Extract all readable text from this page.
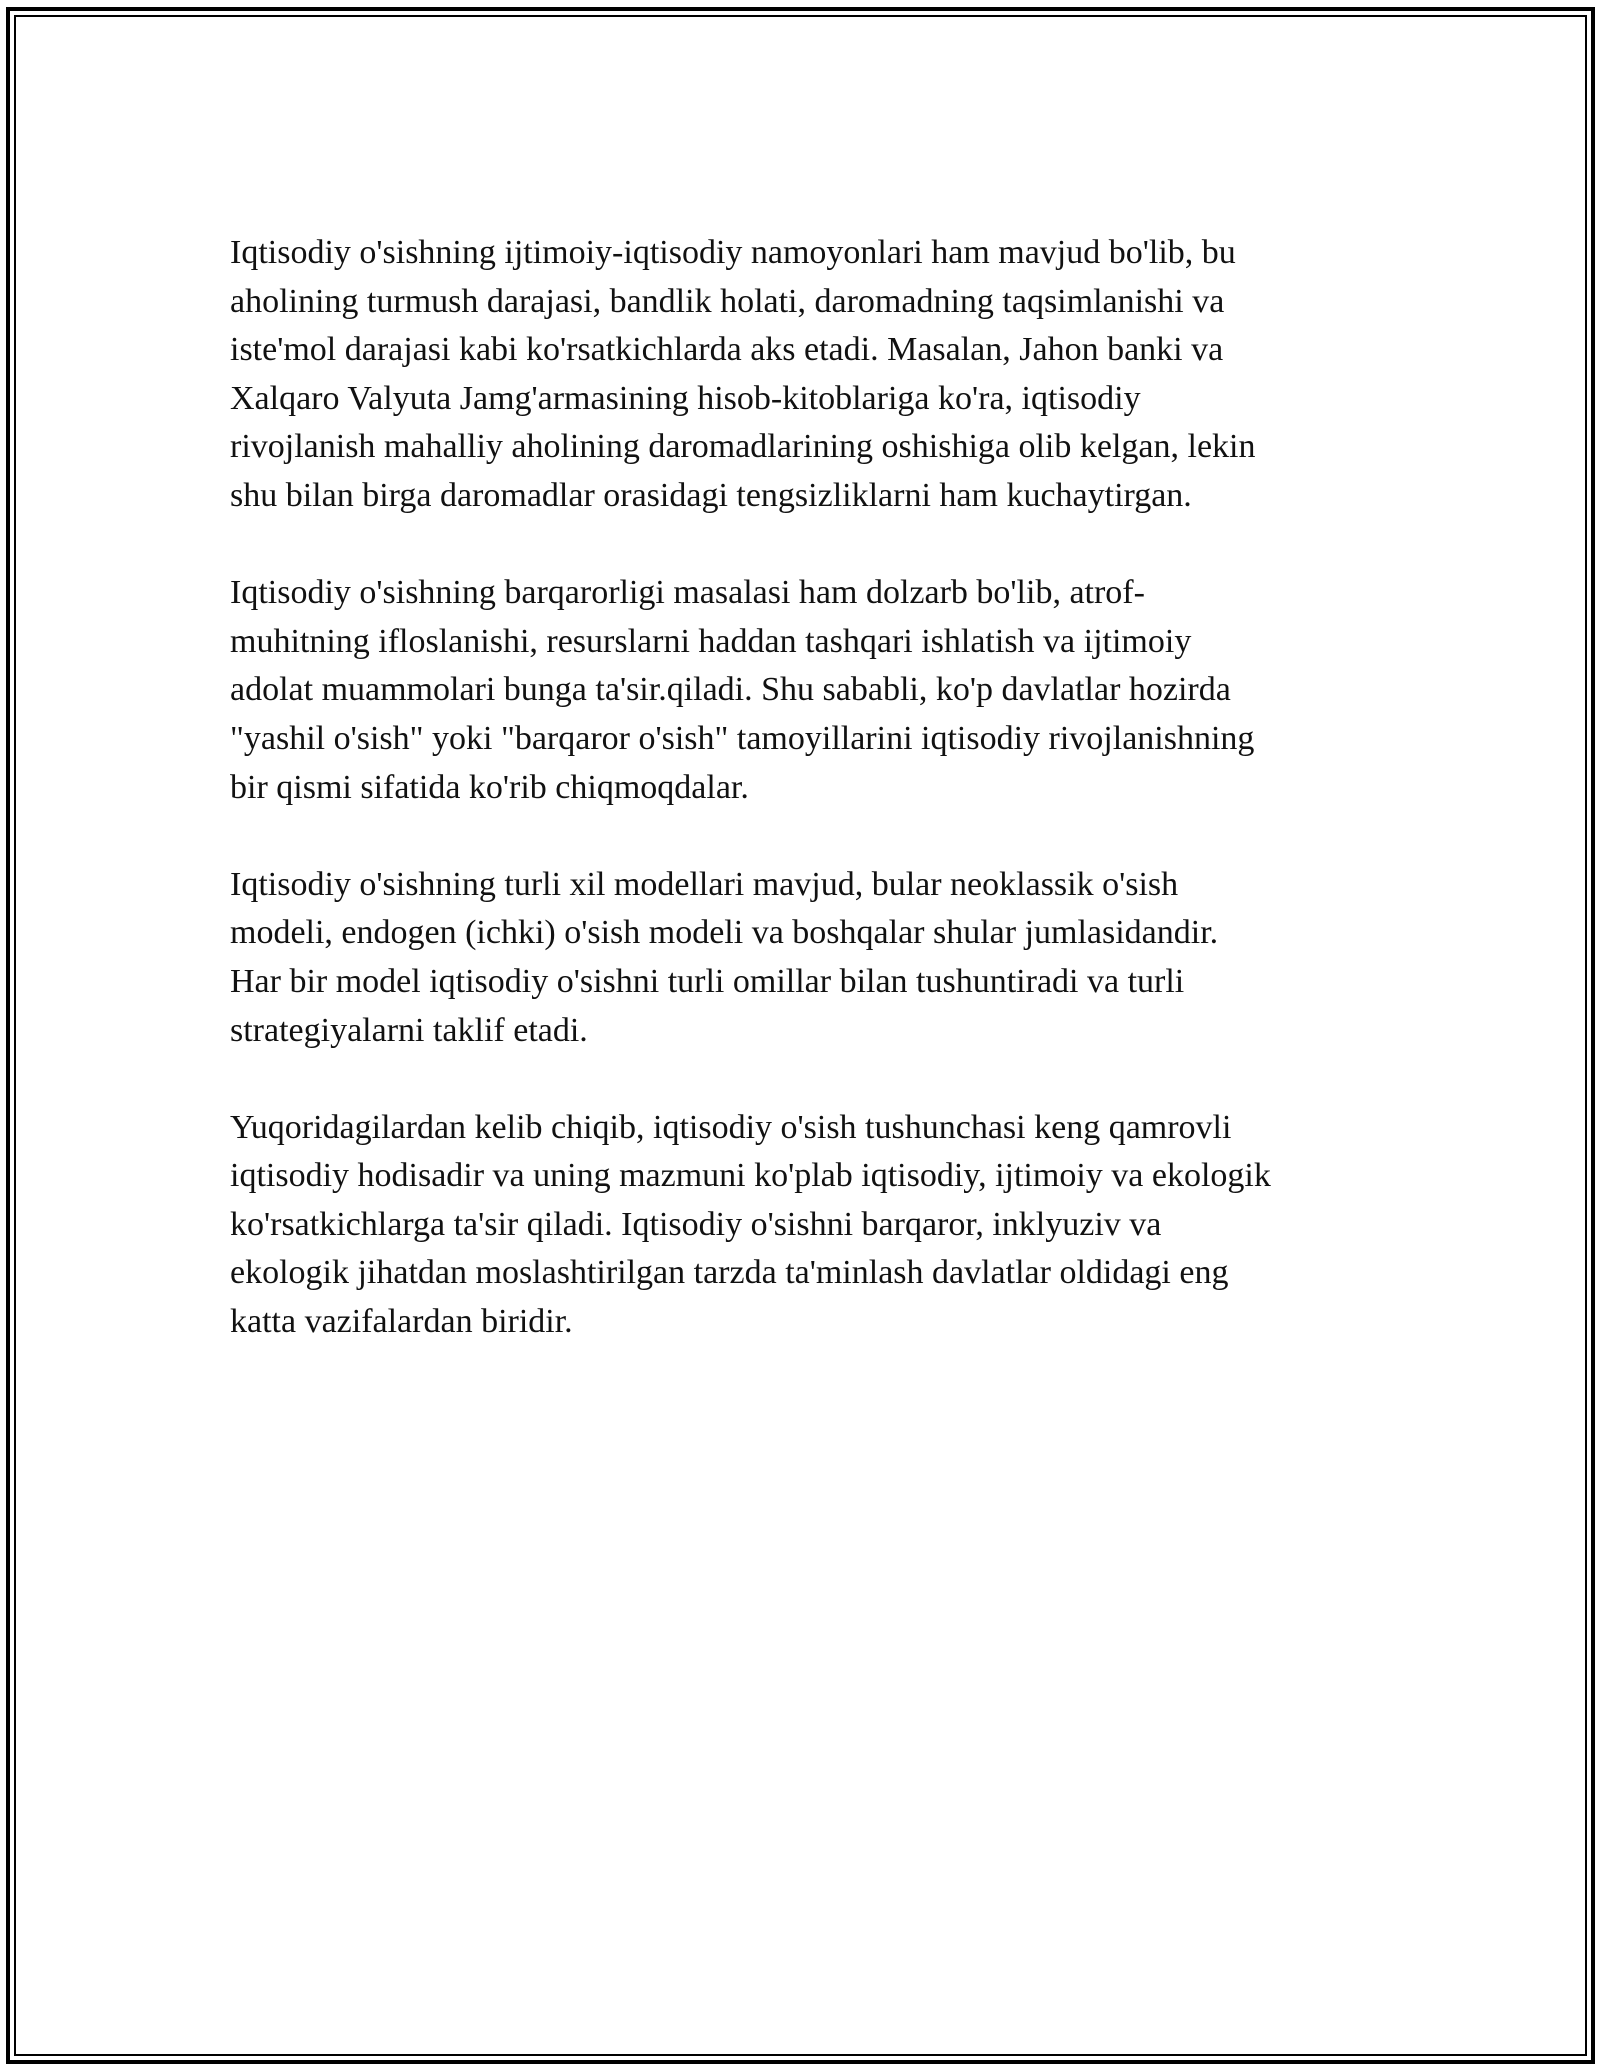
Iqtisodiy o'sishning ijtimoiy-iqtisodiy namoyonlari ham mavjud bo'lib, bu
aholining turmush darajasi, bandlik holati, daromadning taqsimlanishi va
iste'mol darajasi kabi ko'rsatkichlarda aks etadi. Masalan, Jahon banki va
Xalqaro Valyuta Jamg'armasining hisob-kitoblariga ko'ra, iqtisodiy
rivojlanish mahalliy aholining daromadlarining oshishiga olib kelgan, lekin
shu bilan birga daromadlar orasidagi tengsizliklarni ham kuchaytirgan.

Iqtisodiy o'sishning barqarorligi masalasi ham dolzarb bo'lib, atrof-
muhitning ifloslanishi, resurslarni haddan tashqari ishlatish va ijtimoiy
adolat muammolari bunga ta'sir.qiladi. Shu sababli, ko'p davlatlar hozirda
"yashil o'sish" yoki "barqaror o'sish" tamoyillarini iqtisodiy rivojlanishning
bir qismi sifatida ko'rib chiqmoqdalar.

Iqtisodiy o'sishning turli xil modellari mavjud, bular neoklassik o'sish
modeli, endogen (ichki) o'sish modeli va boshqalar shular jumlasidandir.
Har bir model iqtisodiy o'sishni turli omillar bilan tushuntiradi va turli
strategiyalarni taklif etadi.

Yuqoridagilardan kelib chiqib, iqtisodiy o'sish tushunchasi keng qamrovli
iqtisodiy hodisadir va uning mazmuni ko'plab iqtisodiy, ijtimoiy va ekologik
ko'rsatkichlarga ta'sir qiladi. Iqtisodiy o'sishni barqaror, inklyuziv va
ekologik jihatdan moslashtirilgan tarzda ta'minlash davlatlar oldidagi eng
katta vazifalardan biridir.
